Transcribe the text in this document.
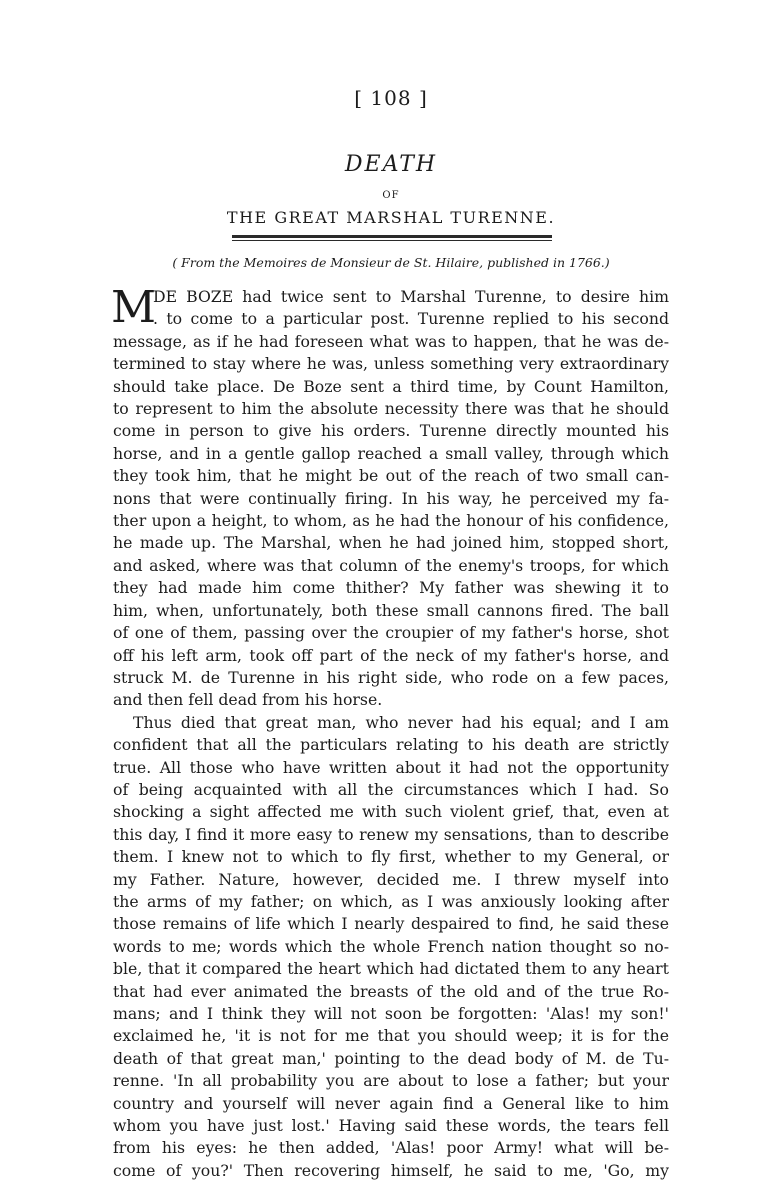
[ 108 ]
DEATH
OF
THE GREAT MARSHAL TURENNE.
( From the Memoires de Monsieur de St. Hilaire, published in 1766.)
M
DE BOZE had twice sent to Marshal Turenne, to desire him
. to come to a particular post. Turenne replied to his second
message, as if he had foreseen what was to happen, that he was de-
termined to stay where he was, unless something very extraordinary
should take place. De Boze sent a third time, by Count Hamilton,
to represent to him the absolute necessity there was that he should
come in person to give his orders. Turenne directly mounted his
horse, and in a gentle gallop reached a small valley, through which
they took him, that he might be out of the reach of two small can-
nons that were continually firing. In his way, he perceived my fa-
ther upon a height, to whom, as he had the honour of his confidence,
he made up. The Marshal, when he had joined him, stopped short,
and asked, where was that column of the enemy's troops, for which
they had made him come thither? My father was shewing it to
him, when, unfortunately, both these small cannons fired. The ball
of one of them, passing over the croupier of my father's horse, shot
off his left arm, took off part of the neck of my father's horse, and
struck M. de Turenne in his right side, who rode on a few paces,
and then fell dead from his horse.
Thus died that great man, who never had his equal; and I am
confident that all the particulars relating to his death are strictly
true. All those who have written about it had not the opportunity
of being acquainted with all the circumstances which I had. So
shocking a sight affected me with such violent grief, that, even at
this day, I find it more easy to renew my sensations, than to describe
them. I knew not to which to fly first, whether to my General, or
my Father. Nature, however, decided me. I threw myself into
the arms of my father; on which, as I was anxiously looking after
those remains of life which I nearly despaired to find, he said these
words to me; words which the whole French nation thought so no-
ble, that it compared the heart which had dictated them to any heart
that had ever animated the breasts of the old and of the true Ro-
mans; and I think they will not soon be forgotten: 'Alas! my son!'
exclaimed he, 'it is not for me that you should weep; it is for the
death of that great man,' pointing to the dead body of M. de Tu-
renne. 'In all probability you are about to lose a father; but your
country and yourself will never again find a General like to him
whom you have just lost.' Having said these words, the tears fell
from his eyes: he then added, 'Alas! poor Army! what will be-
come of you?' Then recovering himself, he said to me, 'Go, my
